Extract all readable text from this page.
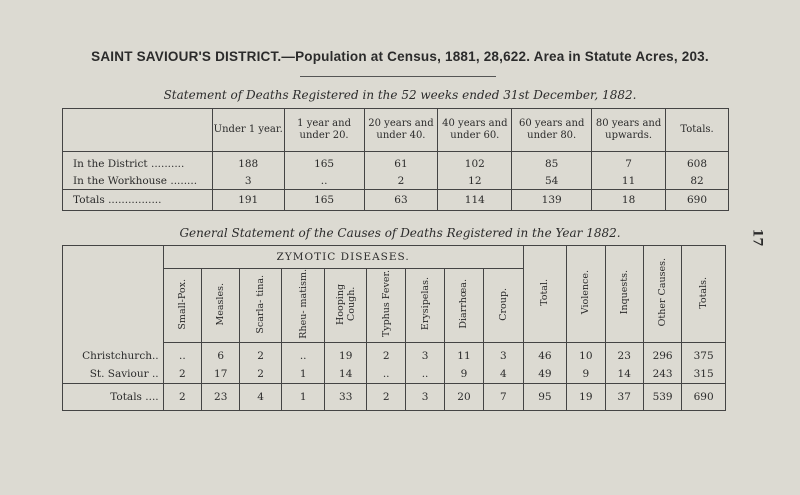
SAINT SAVIOUR'S DISTRICT.—Population at Census, 1881, 28,622. Area in Statute Acres, 203.
Statement of Deaths Registered in the 52 weeks ended 31st December, 1882.
	Under 1 year.	1 year and under 20.	20 years and under 40.	40 years and under 60.	60 years and under 80.	80 years and upwards.	Totals.
In the District ..........	188	165	61	102	85	7	608
In the Workhouse ........	3	..	2	12	54	11	82
Totals ................	191	165	63	114	139	18	690
General Statement of the Causes of Deaths Registered in the Year 1882.
	ZYMOTIC DISEASES.									Total.	Violence.	Inquests.	Other Causes.	Totals.
	Small-Pox.	Measles.	Scarla- tina.	Rheu- matism.	Hooping Cough.	Typhus Fever.	Erysipelas.	Diarrhœa.	Croup.					
Christchurch..	..	6	2	..	19	2	3	11	3	46	10	23	296	375
St. Saviour ..	2	17	2	1	14	..	..	9	4	49	9	14	243	315
Totals ....	2	23	4	1	33	2	3	20	7	95	19	37	539	690
17
